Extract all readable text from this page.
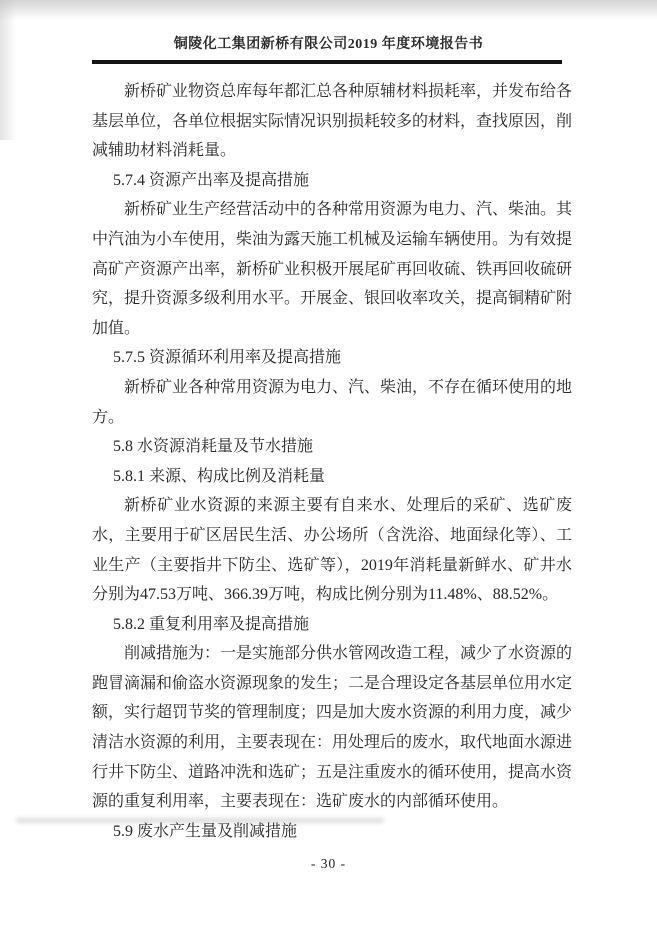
铜陵化工集团新桥有限公司2019 年度环境报告书

新桥矿业物资总库每年都汇总各种原辅材料损耗率，并发布给各基层单位，各单位根据实际情况识别损耗较多的材料，查找原因，削减辅助材料消耗量。

5.7.4 资源产出率及提高措施

新桥矿业生产经营活动中的各种常用资源为电力、汽、柴油。其中汽油为小车使用，柴油为露天施工机械及运输车辆使用。为有效提高矿产资源产出率，新桥矿业积极开展尾矿再回收硫、铁再回收硫研究，提升资源多级利用水平。开展金、银回收率攻关，提高铜精矿附加值。

5.7.5 资源循环利用率及提高措施

新桥矿业各种常用资源为电力、汽、柴油，不存在循环使用的地方。

5.8 水资源消耗量及节水措施

5.8.1 来源、构成比例及消耗量

新桥矿业水资源的来源主要有自来水、处理后的采矿、选矿废水，主要用于矿区居民生活、办公场所（含洗浴、地面绿化等）、工业生产（主要指井下防尘、选矿等），2019年消耗量新鲜水、矿井水分别为47.53万吨、366.39万吨，构成比例分别为11.48%、88.52%。

5.8.2 重复利用率及提高措施

削减措施为：一是实施部分供水管网改造工程，减少了水资源的跑冒滴漏和偷盗水资源现象的发生；二是合理设定各基层单位用水定额，实行超罚节奖的管理制度；四是加大废水资源的利用力度，减少清洁水资源的利用，主要表现在：用处理后的废水，取代地面水源进行井下防尘、道路冲洗和选矿；五是注重废水的循环使用，提高水资源的重复利用率，主要表现在：选矿废水的内部循环使用。

5.9 废水产生量及削减措施

- 30 -
